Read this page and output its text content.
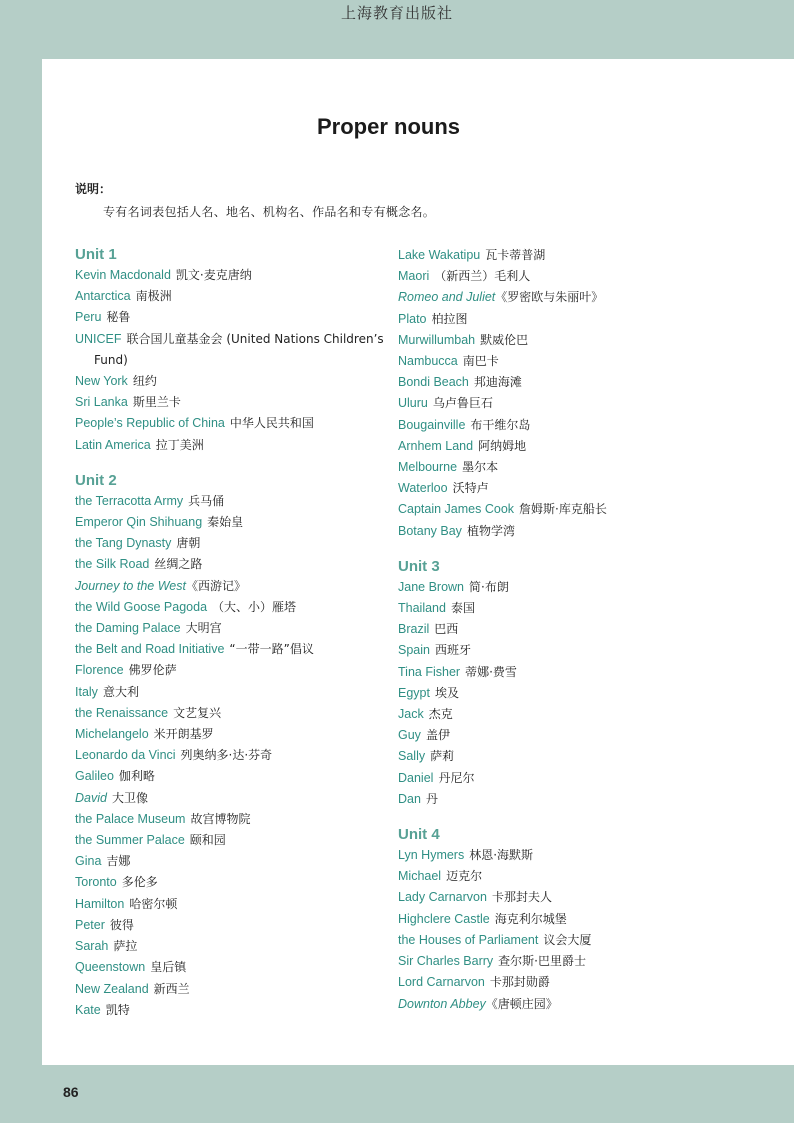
上海教育出版社
Proper nouns
说明：
专有名词表包括人名、地名、机构名、作品名和专有概念名。
Unit 1
Kevin Macdonald 凯文·麦克唐纳
Antarctica 南极洲
Peru 秘鲁
UNICEF 联合国儿童基金会 (United Nations Children’s
Fund)
New York 纽约
Sri Lanka 斯里兰卡
People’s Republic of China 中华人民共和国
Latin America 拉丁美洲
Unit 2
the Terracotta Army 兵马俑
Emperor Qin Shihuang 秦始皇
the Tang Dynasty 唐朝
the Silk Road 丝绸之路
Journey to the West《西游记》
the Wild Goose Pagoda （大、小）雁塔
the Daming Palace 大明宫
the Belt and Road Initiative “一带一路”倡议
Florence 佛罗伦萨
Italy 意大利
the Renaissance 文艺复兴
Michelangelo 米开朗基罗
Leonardo da Vinci 列奥纳多·达·芬奇
Galileo 伽利略
David 大卫像
the Palace Museum 故宫博物院
the Summer Palace 颐和园
Gina 吉娜
Toronto 多伦多
Hamilton 哈密尔顿
Peter 彼得
Sarah 萨拉
Queenstown 皇后镇
New Zealand 新西兰
Kate 凯特
Lake Wakatipu 瓦卡蒂普湖
Maori （新西兰）毛利人
Romeo and Juliet《罗密欧与朱丽叶》
Plato 柏拉图
Murwillumbah 默威伦巴
Nambucca 南巴卡
Bondi Beach 邦迪海滩
Uluru 乌卢鲁巨石
Bougainville 布干维尔岛
Arnhem Land 阿纳姆地
Melbourne 墨尔本
Waterloo 沃特卢
Captain James Cook 詹姆斯·库克船长
Botany Bay 植物学湾
Unit 3
Jane Brown 简·布朗
Thailand 泰国
Brazil 巴西
Spain 西班牙
Tina Fisher 蒂娜·费雪
Egypt 埃及
Jack 杰克
Guy 盖伊
Sally 萨莉
Daniel 丹尼尔
Dan 丹
Unit 4
Lyn Hymers 林恩·海默斯
Michael 迈克尔
Lady Carnarvon 卡那封夫人
Highclere Castle 海克利尔城堡
the Houses of Parliament 议会大厦
Sir Charles Barry 查尔斯·巴里爵士
Lord Carnarvon 卡那封勋爵
Downton Abbey《唐顿庄园》
86
